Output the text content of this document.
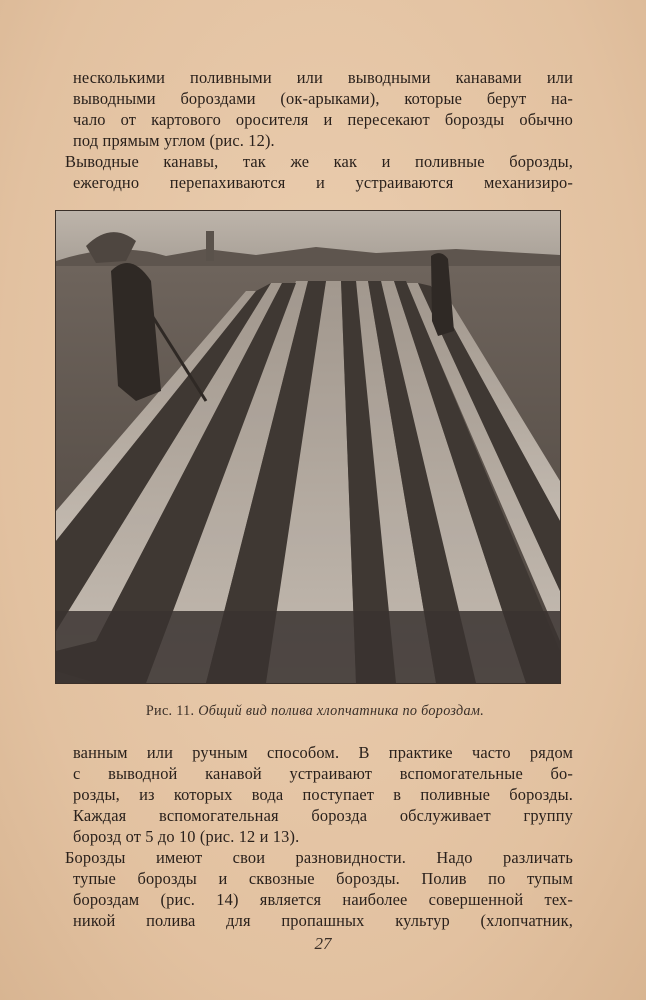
несколькими поливными или выводными канавами или
выводными бороздами (ок-арыками), которые берут на-
чало от картового оросителя и пересекают борозды обычно
под прямым углом (рис. 12).
Выводные канавы, так же как и поливные борозды,
ежегодно перепахиваются и устраиваются механизиро-
Рис. 11. Общий вид полива хлопчатника по бороздам.
ванным или ручным способом. В практике часто рядом
с выводной канавой устраивают вспомогательные бо-
розды, из которых вода поступает в поливные борозды.
Каждая вспомогательная борозда обслуживает группу
борозд от 5 до 10 (рис. 12 и 13).
Борозды имеют свои разновидности. Надо различать
тупые борозды и сквозные борозды. Полив по тупым
бороздам (рис. 14) является наиболее совершенной тех-
никой полива для пропашных культур (хлопчатник,
27
